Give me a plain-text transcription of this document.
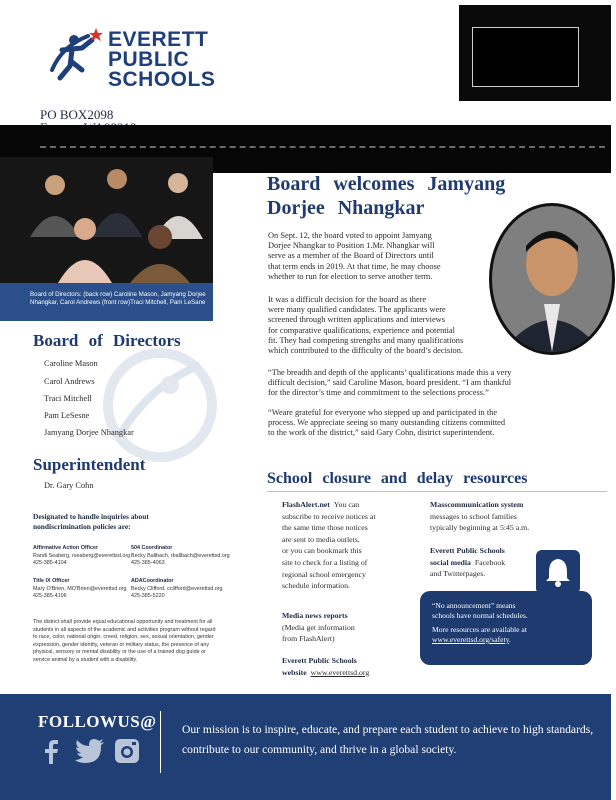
EVERETT
PUBLIC
SCHOOLS
PO BOX2098
Board of Directors: (back row) Caroline Mason, Jamyang Dorjee Nhangkar, Carol Andrews (front row)Traci Mitchell, Pam LeSane
Board welcomes Jamyang
Dorjee Nhangkar
On Sept. 12, the board voted to appoint Jamyang
Dorjee Nhangkar to Position 1.Mr. Nhangkar will
serve as a member of the Board of Directors until
that term ends in 2019. At that time, he may choose
whether to run for election to serve another term.
It was a difficult decision for the board as there
were many qualified candidates. The applicants were
screened through written applications and interviews
for comparative qualifications, experience and potential
fit. They had competing strengths and many qualifications
which contributed to the difficulty of the board’s decision.
“The breadth and depth of the applicants’ qualifications made this a very
difficult decision,” said Caroline Mason, board president. “I am thankful
for the director’s time and commitment to the selections process.”
“Weare grateful for everyone who stepped up and participated in the
process. We appreciate seeing so many outstanding citizens committed
to the work of the district,” said Gary Cohn, district superintendent.
Board of Directors
Caroline Mason
Carol Andrews
Traci Mitchell
Pam LeSesne
Jamyang Dorjee Nhangkar
Superintendent
Dr. Gary Cohn
Designated to handle inquiries about
nondiscrimination policies are:
Affirmative Action Officer
Randi Seaberg, rseaberg@everettsd.org
425-385-4104
504 Coordinator
Becky Ballbach, rballbach@everettsd.org
425-385-4063
Title IX Officer
Mary O'Brien, MO'Brien@everettsd.org
425-385-4106
ADACoordinator
Becky Clifford, cclifford@everettsd.org
425-385-5220
The district shall provide equal educational opportunity and treatment for all
students in all aspects of the academic and activities program without regard
to race, color, national origin, creed, religion, sex, sexual orientation, gender
expression, gender identity, veteran or military status, the presence of any
physical, sensory or mental disability or the use of a trained dog guide or
service animal by a student with a disability.
School closure and delay resources
FlashAlert.net You can
subscribe to receive notices at
the same time those notices
are sent to media outlets,
or you can bookmark this
site to check for a listing of
regional school emergency
schedule information.
Media news reports
(Media get information
from FlashAlert)
Everett Public Schools
website www.everettsd.org
Masscommunication system
messages to school families
typically beginning at 5:45 a.m.
Everett Public Schools
social media Facebook
and Twitterpages.
“No announcement” means
schools have normal schedules.
More resources are available at
www.everettsd.org/safety.
FOLLOWUS@ Our mission is to inspire, educate, and prepare each student to achieve to high standards, contribute to our community, and thrive in a global society.
